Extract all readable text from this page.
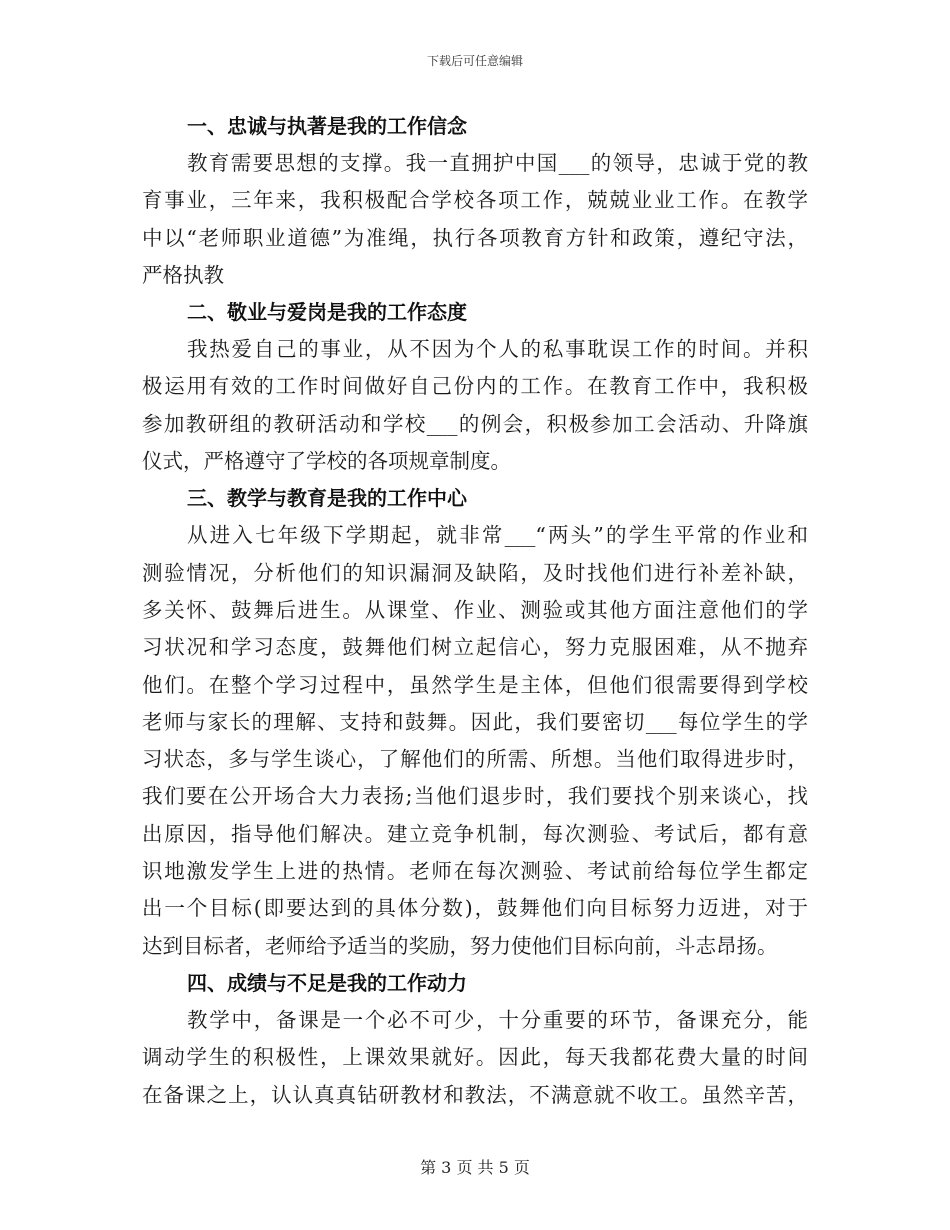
下载后可任意编辑
一、忠诚与执著是我的工作信念
教育需要思想的支撑。我一直拥护中国___的领导，忠诚于党的教
育事业，三年来，我积极配合学校各项工作，兢兢业业工作。在教学
中以“老师职业道德”为准绳，执行各项教育方针和政策，遵纪守法，
严格执教
二、敬业与爱岗是我的工作态度
我热爱自己的事业，从不因为个人的私事耽误工作的时间。并积
极运用有效的工作时间做好自己份内的工作。在教育工作中，我积极
参加教研组的教研活动和学校___的例会，积极参加工会活动、升降旗
仪式，严格遵守了学校的各项规章制度。
三、教学与教育是我的工作中心
从进入七年级下学期起，就非常___“两头”的学生平常的作业和
测验情况，分析他们的知识漏洞及缺陷，及时找他们进行补差补缺，
多关怀、鼓舞后进生。从课堂、作业、测验或其他方面注意他们的学
习状况和学习态度，鼓舞他们树立起信心，努力克服困难，从不抛弃
他们。在整个学习过程中，虽然学生是主体，但他们很需要得到学校
老师与家长的理解、支持和鼓舞。因此，我们要密切___每位学生的学
习状态，多与学生谈心，了解他们的所需、所想。当他们取得进步时，
我们要在公开场合大力表扬;当他们退步时，我们要找个别来谈心，找
出原因，指导他们解决。建立竞争机制，每次测验、考试后，都有意
识地激发学生上进的热情。老师在每次测验、考试前给每位学生都定
出一个目标(即要达到的具体分数)，鼓舞他们向目标努力迈进，对于
达到目标者，老师给予适当的奖励，努力使他们目标向前，斗志昂扬。
四、成绩与不足是我的工作动力
教学中，备课是一个必不可少，十分重要的环节，备课充分，能
调动学生的积极性，上课效果就好。因此，每天我都花费大量的时间
在备课之上，认认真真钻研教材和教法，不满意就不收工。虽然辛苦，
第 3 页 共 5 页
